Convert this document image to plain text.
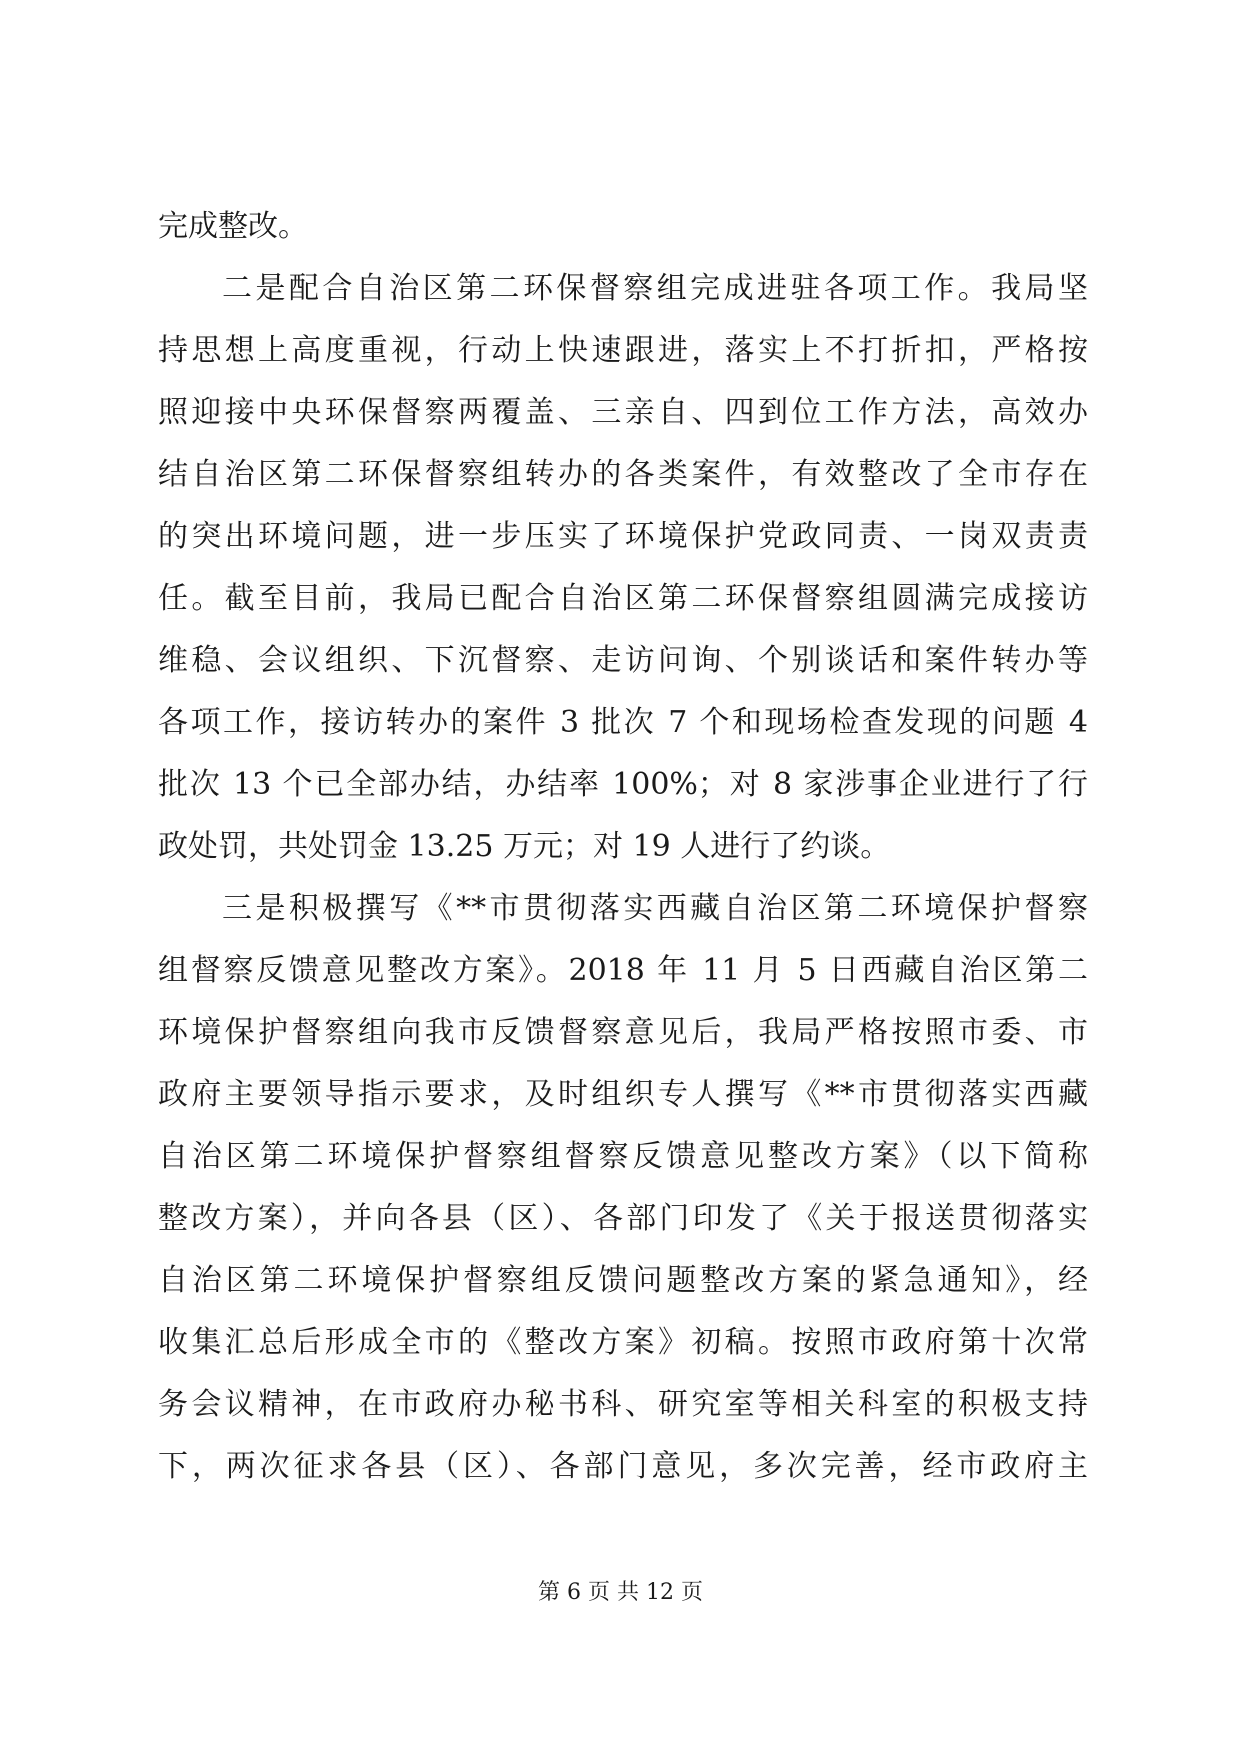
完成整改。
二是配合自治区第二环保督察组完成进驻各项工作。我局坚
持思想上高度重视，行动上快速跟进，落实上不打折扣，严格按
照迎接中央环保督察两覆盖、三亲自、四到位工作方法，高效办
结自治区第二环保督察组转办的各类案件，有效整改了全市存在
的突出环境问题，进一步压实了环境保护党政同责、一岗双责责
任。截至目前，我局已配合自治区第二环保督察组圆满完成接访
维稳、会议组织、下沉督察、走访问询、个别谈话和案件转办等
各项工作，接访转办的案件 3 批次 7 个和现场检查发现的问题 4
批次 13 个已全部办结，办结率 100%；对 8 家涉事企业进行了行
政处罚，共处罚金 13.25 万元；对 19 人进行了约谈。
三是积极撰写《**市贯彻落实西藏自治区第二环境保护督察
组督察反馈意见整改方案》。2018 年 11 月 5 日西藏自治区第二
环境保护督察组向我市反馈督察意见后，我局严格按照市委、市
政府主要领导指示要求，及时组织专人撰写《**市贯彻落实西藏
自治区第二环境保护督察组督察反馈意见整改方案》（以下简称
整改方案），并向各县（区）、各部门印发了《关于报送贯彻落实
自治区第二环境保护督察组反馈问题整改方案的紧急通知》，经
收集汇总后形成全市的《整改方案》初稿。按照市政府第十次常
务会议精神，在市政府办秘书科、研究室等相关科室的积极支持
下，两次征求各县（区）、各部门意见，多次完善，经市政府主
第 6 页 共 12 页
